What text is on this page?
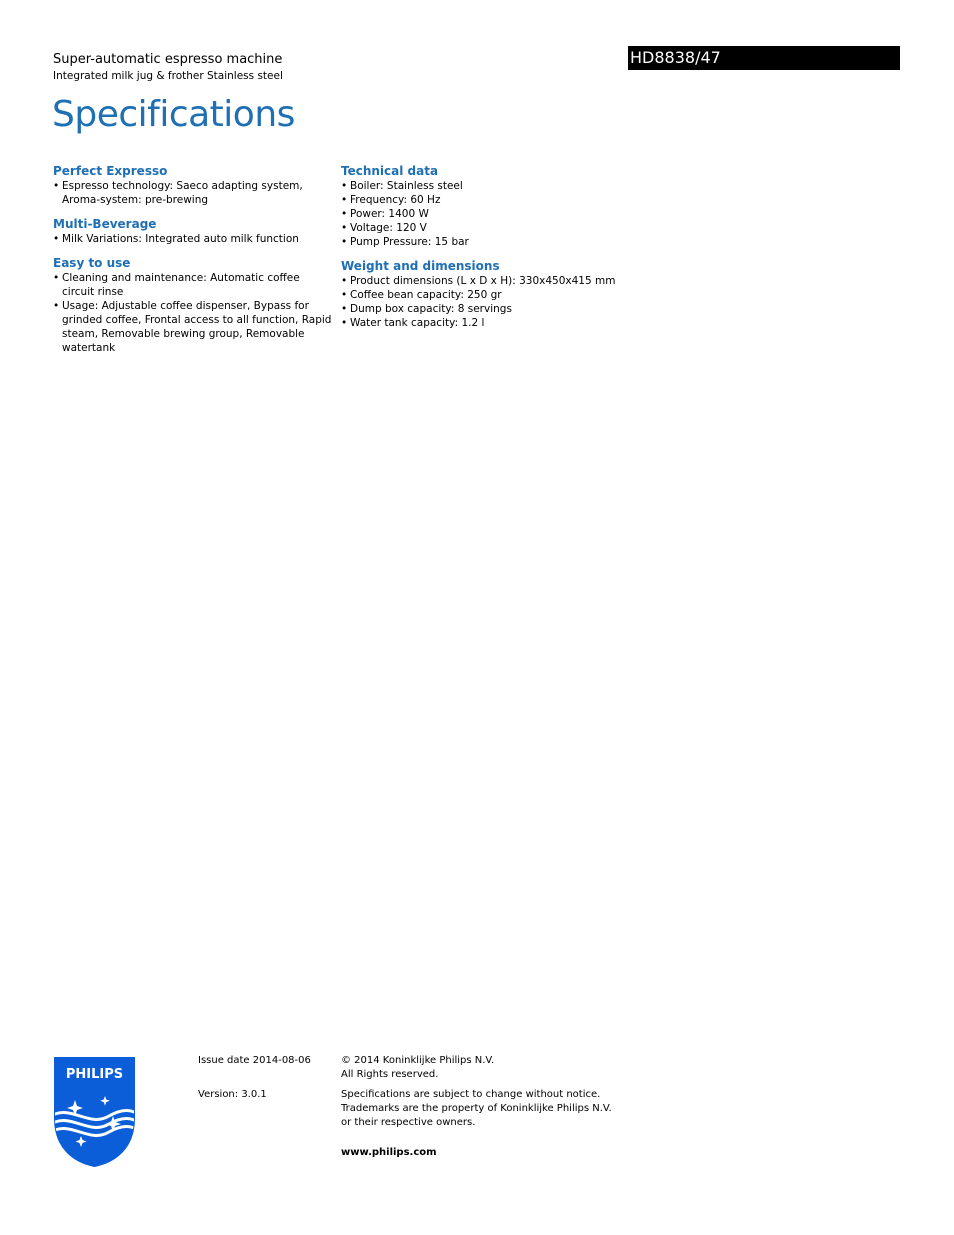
Super-automatic espresso machine
Integrated milk jug & frother Stainless steel
HD8838/47
Specifications
Perfect Expresso
• Espresso technology: Saeco adapting system, Aroma-system: pre-brewing
Multi-Beverage
• Milk Variations: Integrated auto milk function
Easy to use
• Cleaning and maintenance: Automatic coffee circuit rinse
• Usage: Adjustable coffee dispenser, Bypass for grinded coffee, Frontal access to all function, Rapid steam, Removable brewing group, Removable watertank
Technical data
• Boiler: Stainless steel
• Frequency: 60 Hz
• Power: 1400 W
• Voltage: 120 V
• Pump Pressure: 15 bar
Weight and dimensions
• Product dimensions (L x D x H): 330x450x415 mm
• Coffee bean capacity: 250 gr
• Dump box capacity: 8 servings
• Water tank capacity: 1.2 l
PHILIPS
Issue date 2014-08-06
Version: 3.0.1
© 2014 Koninklijke Philips N.V.
All Rights reserved.
Specifications are subject to change without notice.
Trademarks are the property of Koninklijke Philips N.V.
or their respective owners.
www.philips.com
